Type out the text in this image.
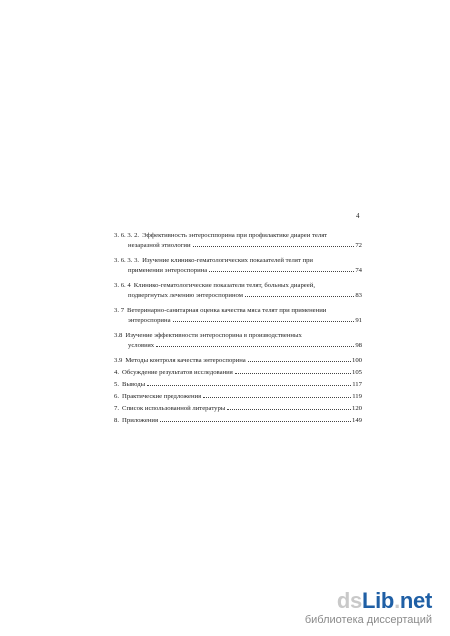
4
3. 6. 3. 2. Эффективность энтеросппорина при профилактике диареи телят
незаразной этиологии	72
3. 6. 3. 3. Изучение клинико-гематологических показателей телят при
применении энтероспорина	74
3. 6. 4 Клинико-гематологические показатели телят, больных диареей,
подвергнутых лечению энтероспорином	83
3. 7 Ветеринарно-санитарная оценка качества мяса телят при применении
энтероспорина	91
3.8 Изучение эффективности энтероспорина в производственных
условиях	98
3.9 Методы контроля качества энтероспорина	100
4. Обсуждение результатов исследования	105
5. Выводы	117
6. Практические предложения	119
7. Список использованной литературы	120
8. Приложения	149
dsLib.net
библиотека диссертаций
